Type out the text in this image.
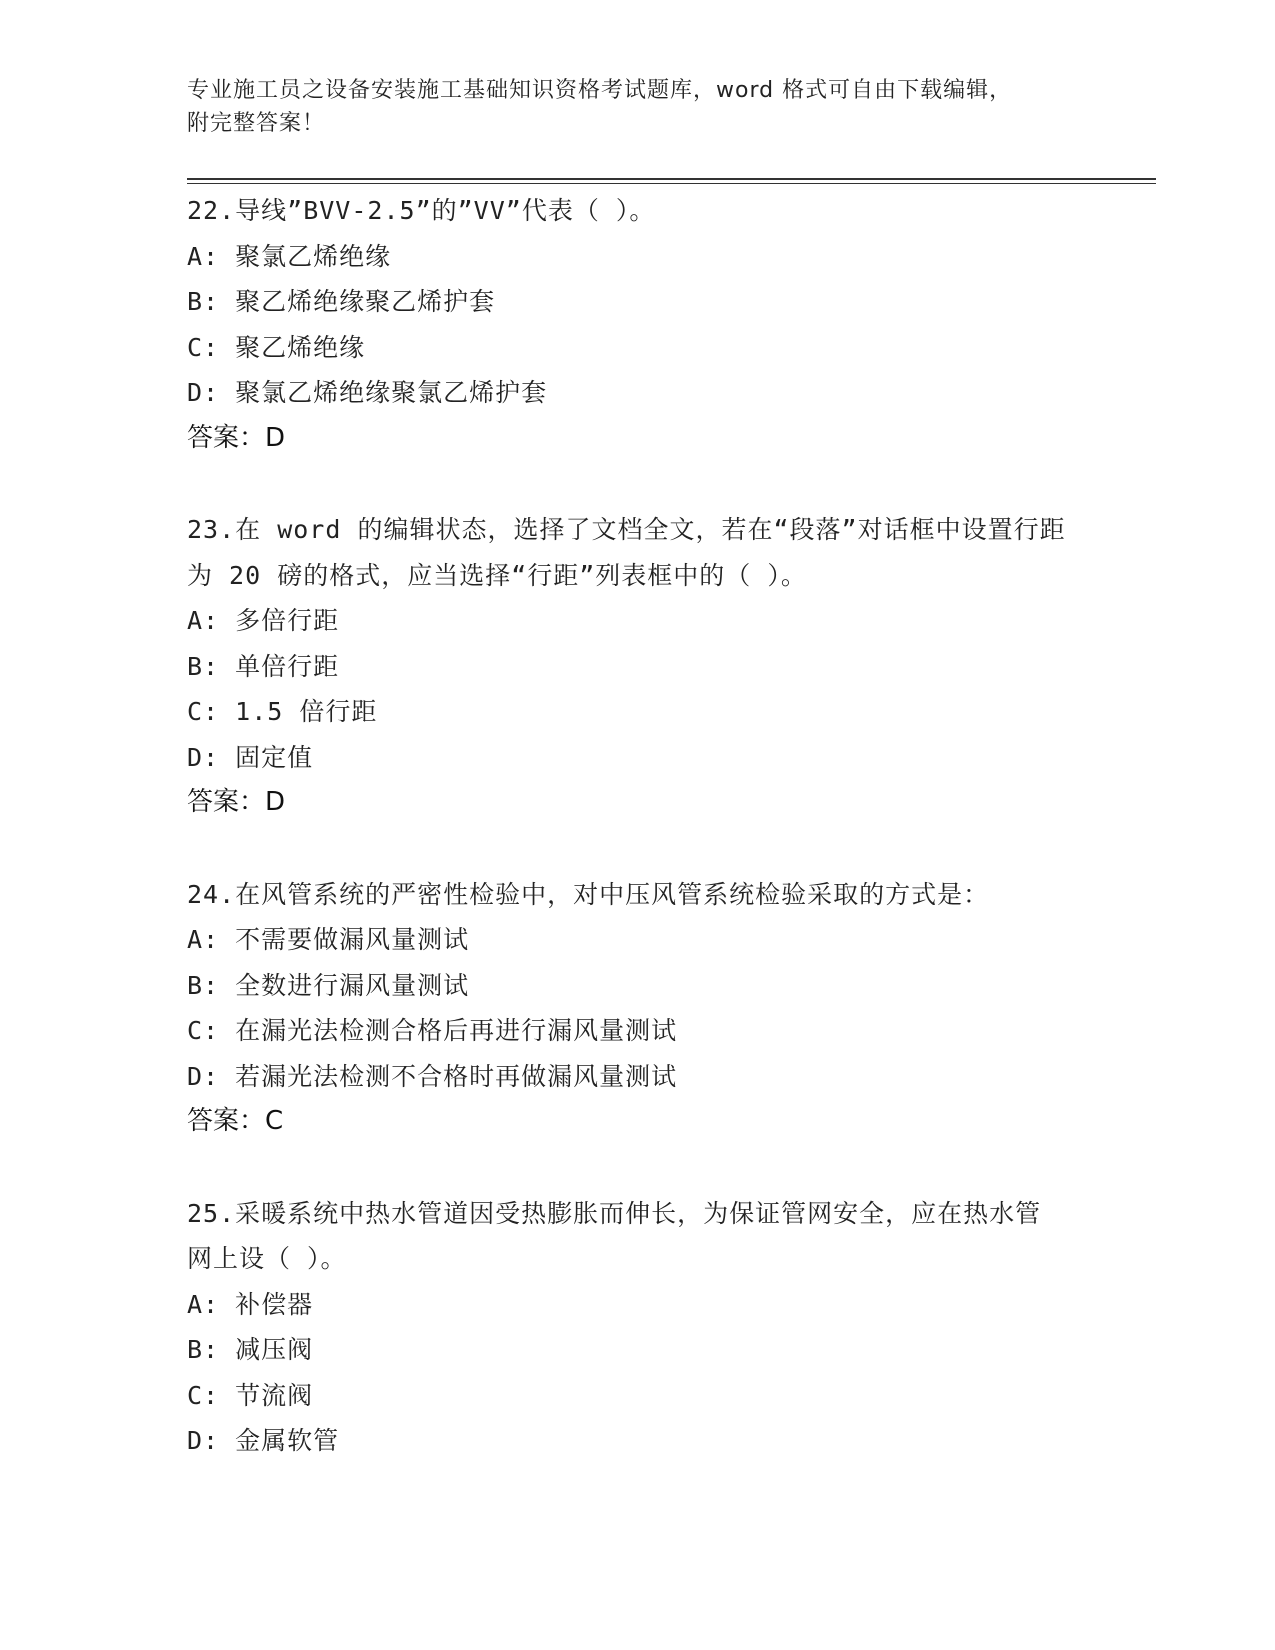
专业施工员之设备安装施工基础知识资格考试题库，word 格式可自由下载编辑，
附完整答案！
22.导线”BVV-2.5”的”VV”代表（ ）。
A: 聚氯乙烯绝缘
B: 聚乙烯绝缘聚乙烯护套
C: 聚乙烯绝缘
D: 聚氯乙烯绝缘聚氯乙烯护套
答案：D
23.在 word 的编辑状态，选择了文档全文，若在“段落”对话框中设置行距为 20 磅的格式，应当选择“行距”列表框中的（ ）。
A: 多倍行距
B: 单倍行距
C: 1.5 倍行距
D: 固定值
答案：D
24.在风管系统的严密性检验中，对中压风管系统检验采取的方式是：
A: 不需要做漏风量测试
B: 全数进行漏风量测试
C: 在漏光法检测合格后再进行漏风量测试
D: 若漏光法检测不合格时再做漏风量测试
答案：C
25.采暖系统中热水管道因受热膨胀而伸长，为保证管网安全，应在热水管网上设（ ）。
A: 补偿器
B: 减压阀
C: 节流阀
D: 金属软管
